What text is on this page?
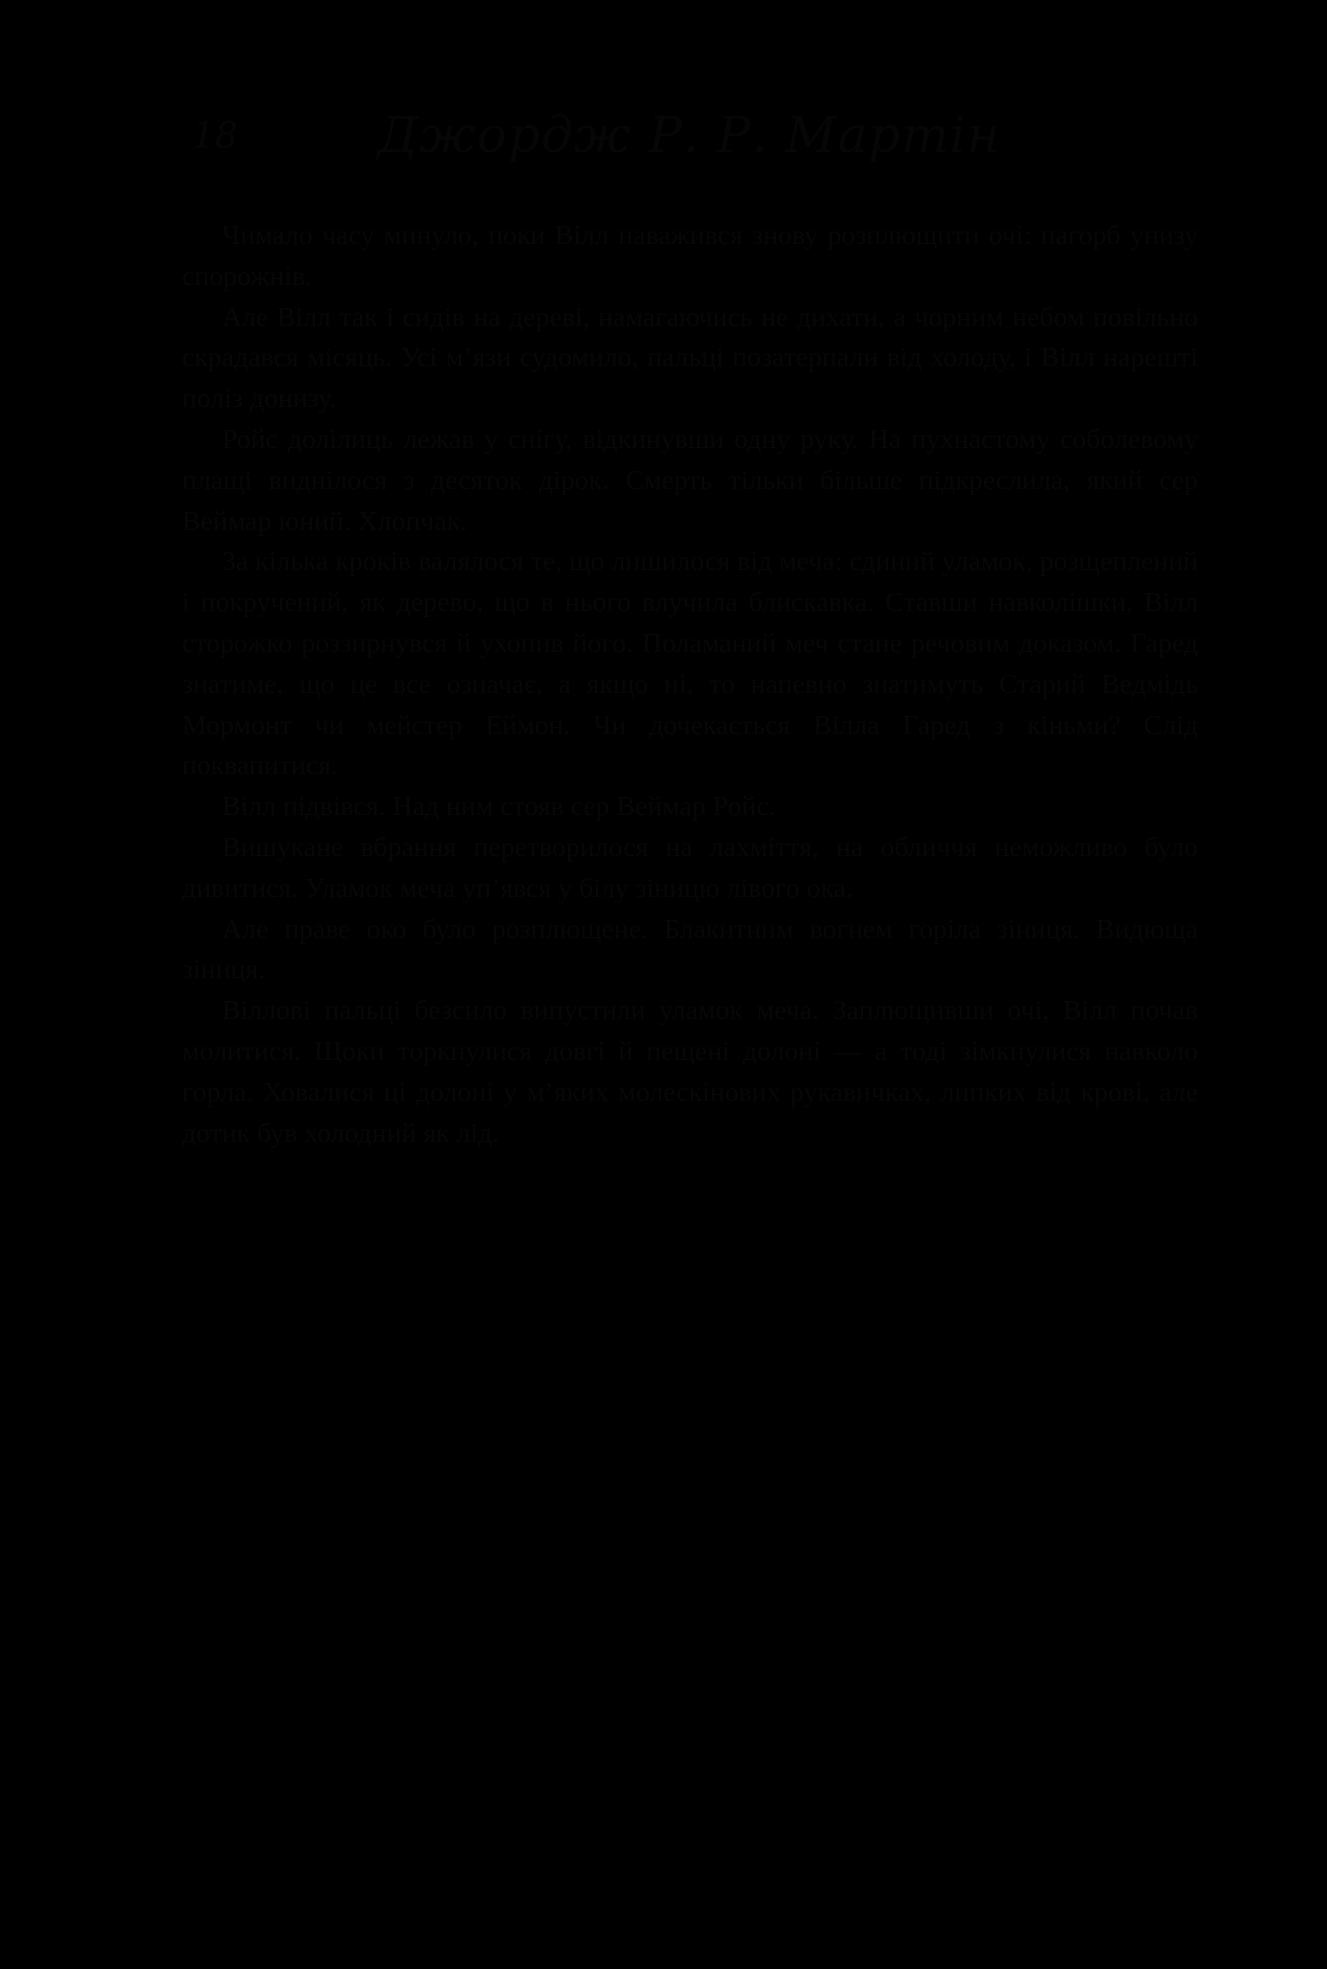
18	Джордж Р. Р. Мартін

Чимало часу минуло, поки Вілл наважився знову розплющити очі: пагорб унизу спорожнів.

Але Вілл так і сидів на дереві, намагаючись не дихати, а чорним небом повільно скрадався місяць. Усі м’язи судомило, пальці позатерпали від холоду, і Вілл нарешті поліз донизу.

Ройс долілиць лежав у снігу, відкинувши одну руку. На пухнастому соболевому плащі виднілося з десяток дірок. Смерть тільки більше підкреслила, який сер Веймар юний. Хлопчак.

За кілька кроків валялося те, що лишилося від меча: єдиний уламок, розщеплений і покручений, як дерево, що в нього влучила блискавка. Ставши навколішки, Вілл сторожко роззирнувся й ухопив його. Поламаний меч стане речовим доказом. Гаред знатиме, що це все означає, а якщо ні, то напевно знатимуть Старий Ведмідь Мормонт чи мейстер Еймон. Чи дочекається Вілла Гаред з кіньми? Слід поквапитися.

Вілл підвівся. Над ним стояв сер Веймар Ройс.

Вишукане вбрання перетворилося на лахміття, на обличчя неможливо було дивитися. Уламок меча уп’явся у білу зіницю лівого ока.

Але праве око було розплющене. Блакитним вогнем горіла зіниця. Видюща зіниця.

Віллові пальці безсило випустили уламок меча. Заплющивши очі, Вілл почав молитися. Щоки торкнулися довгі й пещені долоні — а тоді зімкнулися навколо горла. Ховалися ці долоні у м’яких молескінових рукавичках, липких від крові, але дотик був холодний як лід.
